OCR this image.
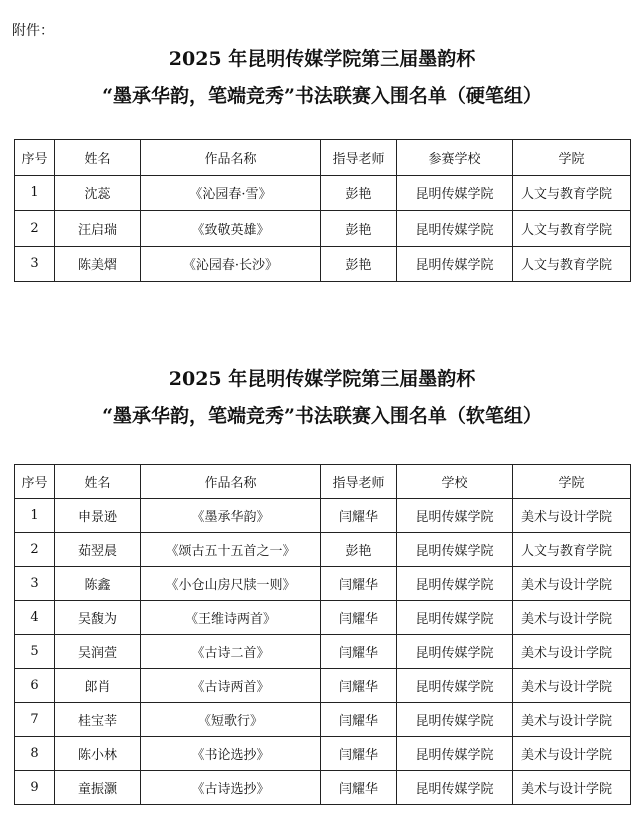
附件：
2025 年昆明传媒学院第三届墨韵杯
“墨承华韵，笔端竞秀”书法联赛入围名单（硬笔组）
序号	姓名	作品名称	指导老师	参赛学校	学院
1	沈蕊	《沁园春·雪》	彭艳	昆明传媒学院	人文与教育学院
2	汪启瑞	《致敬英雄》	彭艳	昆明传媒学院	人文与教育学院
3	陈美熠	《沁园春·长沙》	彭艳	昆明传媒学院	人文与教育学院
2025 年昆明传媒学院第三届墨韵杯
“墨承华韵，笔端竞秀”书法联赛入围名单（软笔组）
序号	姓名	作品名称	指导老师	学校	学院
1	申景逊	《墨承华韵》	闫耀华	昆明传媒学院	美术与设计学院
2	茹翌晨	《颂古五十五首之一》	彭艳	昆明传媒学院	人文与教育学院
3	陈鑫	《小仓山房尺牍一则》	闫耀华	昆明传媒学院	美术与设计学院
4	吴馥为	《王维诗两首》	闫耀华	昆明传媒学院	美术与设计学院
5	吴润萱	《古诗二首》	闫耀华	昆明传媒学院	美术与设计学院
6	郎肖	《古诗两首》	闫耀华	昆明传媒学院	美术与设计学院
7	桂宝莘	《短歌行》	闫耀华	昆明传媒学院	美术与设计学院
8	陈小林	《书论选抄》	闫耀华	昆明传媒学院	美术与设计学院
9	童振灏	《古诗选抄》	闫耀华	昆明传媒学院	美术与设计学院
